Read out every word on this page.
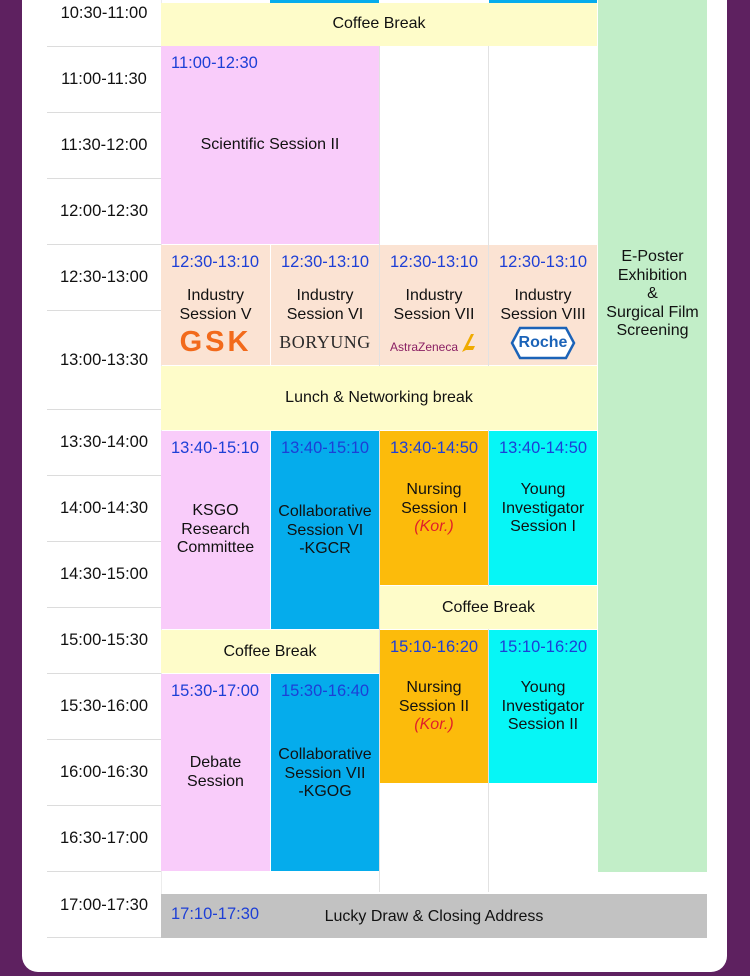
10:30-11:00
11:00-11:30
11:30-12:00
12:00-12:30
12:30-13:00
13:00-13:30
13:30-14:00
14:00-14:30
14:30-15:00
15:00-15:30
15:30-16:00
16:00-16:30
16:30-17:00
17:00-17:30
E-Poster
Exhibition
&
Surgical Film
Screening
Coffee Break
11:00-12:30
Scientific Session II
12:30-13:10
Industry
Session V
GSK
12:30-13:10
Industry
Session VI
BORYUNG
12:30-13:10
Industry
Session VII
AstraZeneca
12:30-13:10
Industry
Session VIII
Roche
Lunch & Networking break
13:40-15:10
KSGO
Research
Committee
13:40-15:10
Collaborative
Session VI
-KGCR
13:40-14:50
Nursing
Session I
(Kor.)
13:40-14:50
Young
Investigator
Session I
Coffee Break
Coffee Break	15:10-16:20
Nursing
Session II
(Kor.)
15:10-16:20
Young
Investigator
Session II
15:30-17:00
Debate
Session
15:30-16:40
Collaborative
Session VII
-KGOG
17:10-17:30	Lucky Draw & Closing Address
